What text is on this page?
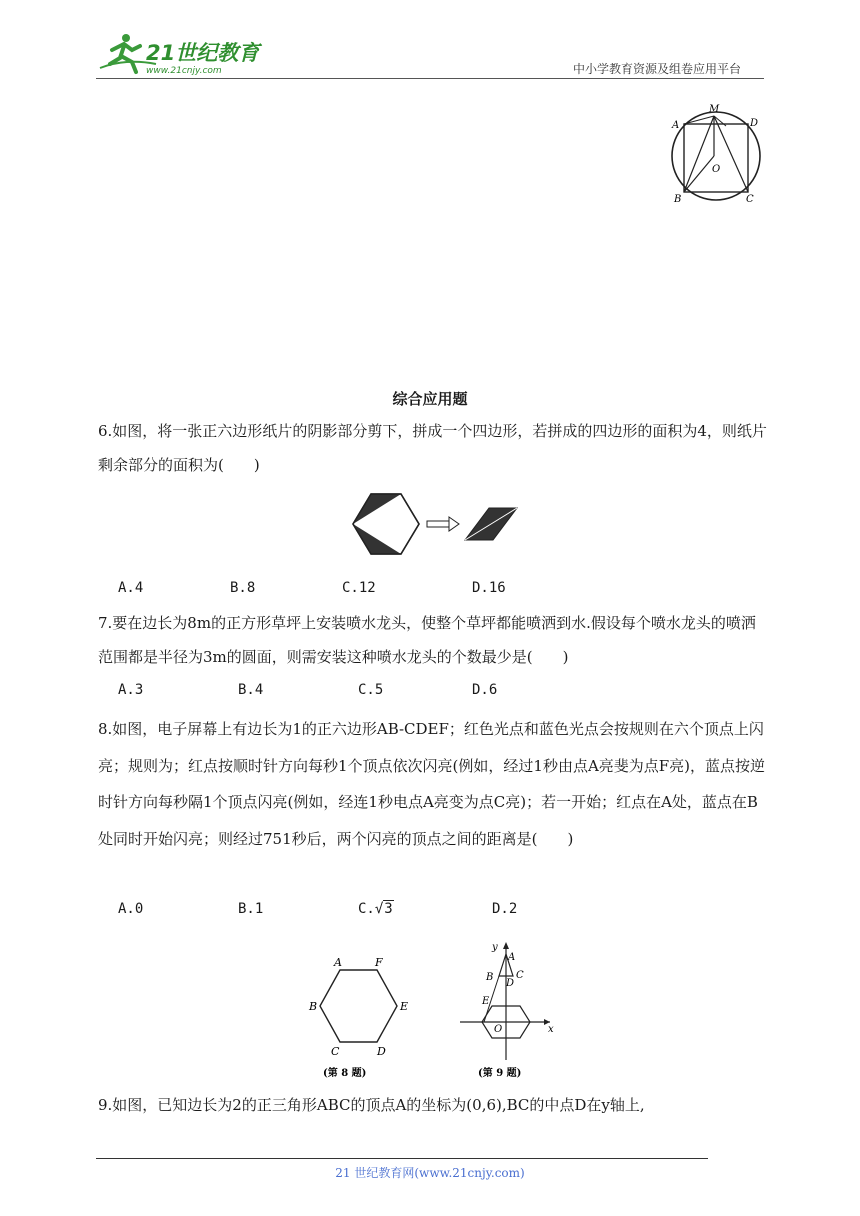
21世纪教育
www.21cnjy.com	中小学教育资源及组卷应用平台
M
A	D
O
B	C
综合应用题

6.如图，将一张正六边形纸片的阴影部分剪下，拼成一个四边形，若拼成的四边形的面积为4，则纸片剩余部分的面积为(　　)

A.4	B.8	C.12	D.16

7.要在边长为8m的正方形草坪上安装喷水龙头，使整个草坪都能喷洒到水.假设每个喷水龙头的喷洒范围都是半径为3m的圆面，则需安装这种喷水龙头的个数最少是(　　)

A.3	B.4	C.5	D.6

8.如图，电子屏幕上有边长为1的正六边形AB-CDEF；红色光点和蓝色光点会按规则在六个顶点上闪亮；规则为；红点按顺时针方向每秒1个顶点依次闪亮(例如，经过1秒由点A亮斐为点F亮)，蓝点按逆时针方向每秒隔1个顶点闪亮(例如，经连1秒电点A亮变为点C亮)；若一开始；红点在A处，蓝点在B处同时开始闪亮；则经过751秒后，两个闪亮的顶点之间的距离是(　　)

A.0	B.1	C.√3	D.2
A	F
B	E
C	D
(第 8 题)
y
A
B C
D
E
O	x
(第 9 题)

9.如图，已知边长为2的正三角形ABC的顶点A的坐标为(0,6),BC的中点D在y轴上,

21 世纪教育网(www.21cnjy.com)
